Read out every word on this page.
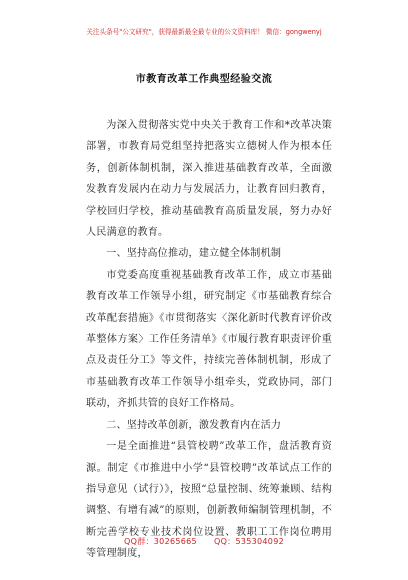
关注头条号"公文研究"，获得最新最全最专业的公文资料库！ 微信：gongwenyj
市教育改革工作典型经验交流

为深入贯彻落实党中央关于教育工作和*改革决策部署，市教育局党组坚持把落实立德树人作为根本任务，创新体制机制，深入推进基础教育改革，全面激发教育发展内在动力与发展活力，让教育回归教育，学校回归学校，推动基础教育高质量发展，努力办好人民满意的教育。

一、坚持高位推动，建立健全体制机制

市党委高度重视基础教育改革工作，成立市基础教育改革工作领导小组，研究制定《市基础教育综合改革配套措施》《市贯彻落实〈深化新时代教育评价改革整体方案〉工作任务清单》《市履行教育职责评价重点及责任分工》等文件，持续完善体制机制，形成了市基础教育改革工作领导小组牵头，党政协同，部门联动，齐抓共管的良好工作格局。

二、坚持改革创新，激发教育内在活力

一是全面推进“县管校聘”改革工作，盘活教育资源。制定《市推进中小学“县管校聘”改革试点工作的指导意见（试行）》，按照“总量控制、统筹兼顾、结构调整、有增有减”的原则，创新教师编制管理机制，不断完善学校专业技术岗位设置、教职工工作岗位聘用等管理制度，

QQ群：30265665      QQ：535304092
